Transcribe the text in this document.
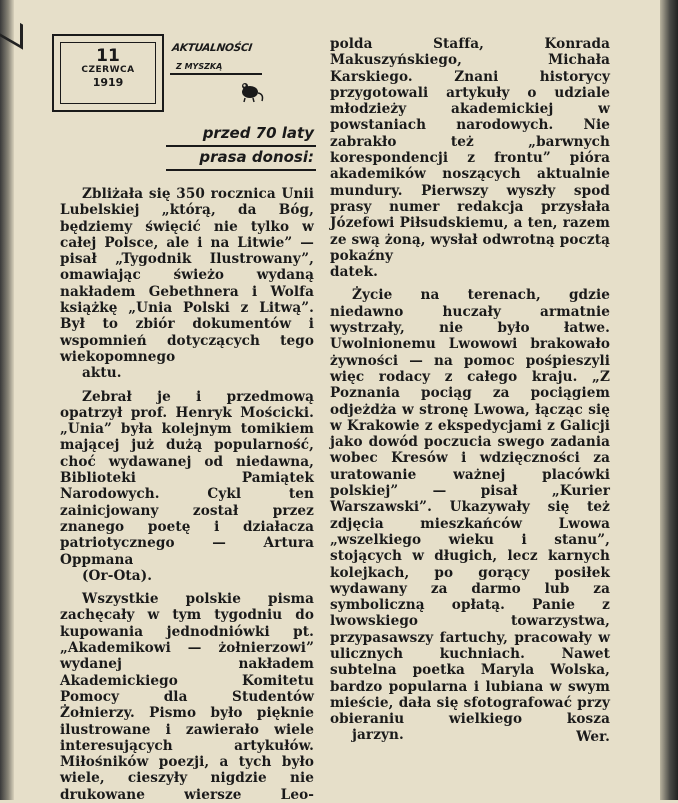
11
CZERWCA
1919
AKTUALNOŚCI
Z MYSZKĄ
przed 70 laty
prasa donosi:

Zbliżała się 350 rocznica Unii Lubelskiej „którą, da Bóg, będziemy święcić nie tylko w całej Polsce, ale i na Litwie” — pisał „Tygodnik Ilustrowany”, omawiając świeżo wydaną nakładem Gebethnera i Wolfa książkę „Unia Polski z Litwą”. Był to zbiór dokumentów i wspomnień dotyczących tego wiekopomnego
aktu.

Zebrał je i przedmową opatrzył prof. Henryk Mościcki. „Unia” była kolejnym tomikiem mającej już dużą popularność, choć wydawanej od niedawna, Biblioteki Pamiątek Narodowych. Cykl ten zainicjowany został przez znanego poetę i działacza patriotycznego — Artura Oppmana
(Or-Ota).

Wszystkie polskie pisma zachęcały w tym tygodniu do kupowania jednodniówki pt. „Akademikowi — żołnierzowi” wydanej nakładem Akademickiego Komitetu Pomocy dla Studentów Żołnierzy. Pismo było pięknie ilustrowane i zawierało wiele interesujących artykułów. Miłośników poezji, a tych było wiele, cieszyły nigdzie nie drukowane wiersze Leo-

polda Staffa, Konrada Makuszyńskiego, Michała Karskiego. Znani historycy przygotowali artykuły o udziale młodzieży akademickiej w powstaniach narodowych. Nie zabrakło też „barwnych korespondencji z frontu” pióra akademików noszących aktualnie mundury. Pierwszy wyszły spod prasy numer redakcja przysłała Józefowi Piłsudskiemu, a ten, razem ze swą żoną, wysłał odwrotną pocztą pokaźny
datek.

Życie na terenach, gdzie niedawno huczały armatnie wystrzały, nie było łatwe. Uwolnionemu Lwowowi brakowało żywności — na pomoc pośpieszyli więc rodacy z całego kraju. „Z Poznania pociąg za pociągiem odjeżdża w stronę Lwowa, łącząc się w Krakowie z ekspedycjami z Galicji jako dowód poczucia swego zadania wobec Kresów i wdzięczności za uratowanie ważnej placówki polskiej” — pisał „Kurier Warszawski”. Ukazywały się też zdjęcia mieszkańców Lwowa „wszelkiego wieku i stanu”, stojących w długich, lecz karnych kolejkach, po gorący posiłek wydawany za darmo lub za symboliczną opłatą. Panie z lwowskiego towarzystwa, przypasawszy fartuchy, pracowały w ulicznych kuchniach. Nawet subtelna poetka Maryla Wolska, bardzo popularna i lubiana w swym mieście, dała się sfotografować przy obieraniu wielkiego kosza
jarzyn.	Wer.
